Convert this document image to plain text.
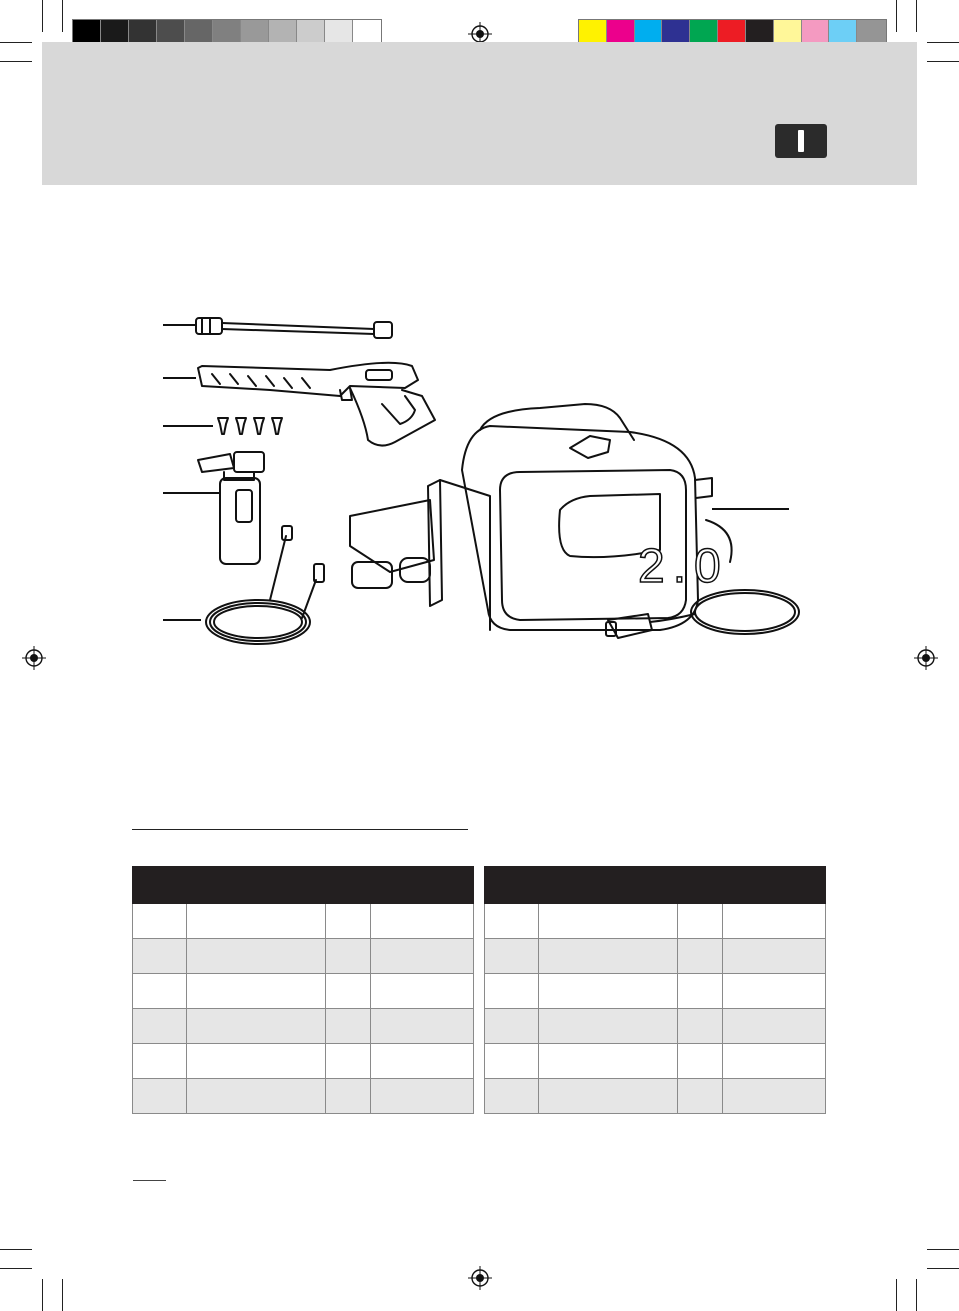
2.0
